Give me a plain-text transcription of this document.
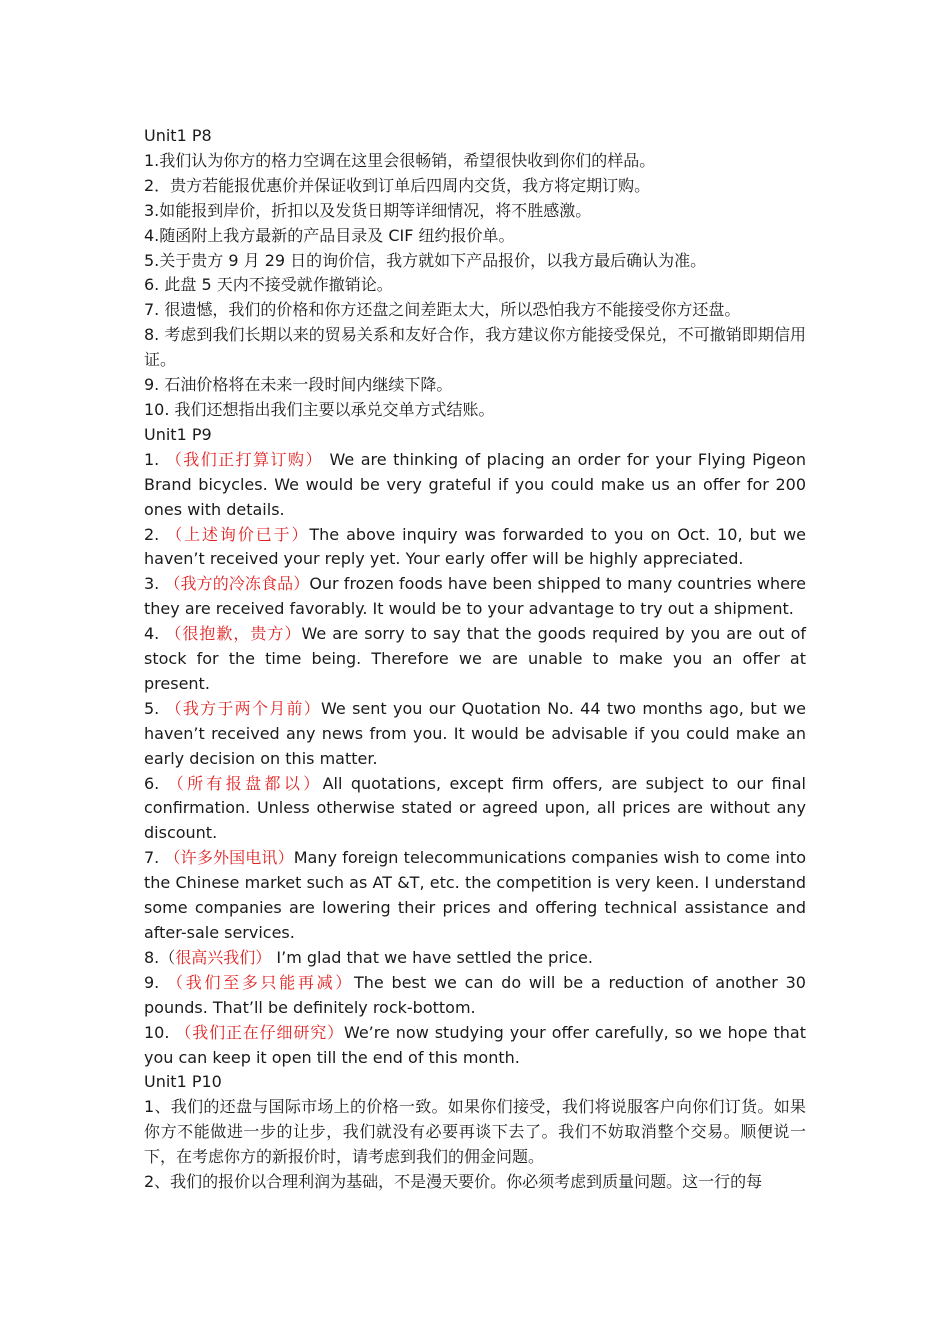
Unit1 P8

1.我们认为你方的格力空调在这里会很畅销，希望很快收到你们的样品。

2．贵方若能报优惠价并保证收到订单后四周内交货，我方将定期订购。

3.如能报到岸价，折扣以及发货日期等详细情况，将不胜感激。

4.随函附上我方最新的产品目录及 CIF 纽约报价单。

5.关于贵方 9 月 29 日的询价信，我方就如下产品报价，以我方最后确认为准。

6. 此盘 5 天内不接受就作撤销论。

7. 很遗憾，我们的价格和你方还盘之间差距太大，所以恐怕我方不能接受你方还盘。

8. 考虑到我们长期以来的贸易关系和友好合作，我方建议你方能接受保兑，不可撤销即期信用证。

9. 石油价格将在未来一段时间内继续下降。

10. 我们还想指出我们主要以承兑交单方式结账。

Unit1 P9

1. （我们正打算订购） We are thinking of placing an order for your Flying Pigeon Brand bicycles. We would be very grateful if you could make us an offer for 200 ones with details.

2. （上述询价已于）The above inquiry was forwarded to you on Oct. 10, but we haven’t received your reply yet. Your early offer will be highly appreciated.

3. （我方的冷冻食品）Our frozen foods have been shipped to many countries where they are received favorably. It would be to your advantage to try out a shipment.

4. （很抱歉，贵方）We are sorry to say that the goods required by you are out of stock for the time being. Therefore we are unable to make you an offer at present.

5. （我方于两个月前）We sent you our Quotation No. 44 two months ago, but we haven’t received any news from you. It would be advisable if you could make an early decision on this matter.

6. （所有报盘都以）All quotations, except firm offers, are subject to our final confirmation. Unless otherwise stated or agreed upon, all prices are without any discount.

7. （许多外国电讯）Many foreign telecommunications companies wish to come into the Chinese market such as AT &T, etc. the competition is very keen. I understand some companies are lowering their prices and offering technical assistance and after-sale services.

8.（很高兴我们） I’m glad that we have settled the price.

9. （我们至多只能再减）The best we can do will be a reduction of another 30 pounds. That’ll be definitely rock-bottom.

10. （我们正在仔细研究）We’re now studying your offer carefully, so we hope that you can keep it open till the end of this month.

Unit1 P10

1、我们的还盘与国际市场上的价格一致。如果你们接受，我们将说服客户向你们订货。如果你方不能做进一步的让步，我们就没有必要再谈下去了。我们不妨取消整个交易。顺便说一下，在考虑你方的新报价时，请考虑到我们的佣金问题。

2、我们的报价以合理利润为基础，不是漫天要价。你必须考虑到质量问题。这一行的每
